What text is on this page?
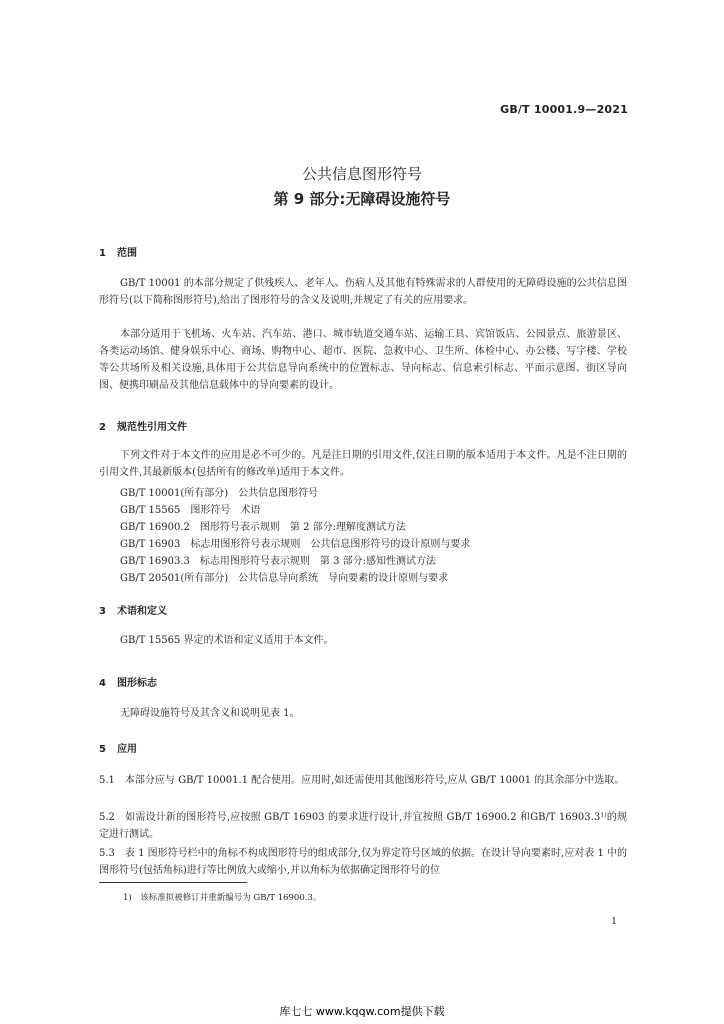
GB/T 10001.9—2021
公共信息图形符号
第 9 部分:无障碍设施符号
1 范围
GB/T 10001 的本部分规定了供残疾人、老年人、伤病人及其他有特殊需求的人群使用的无障碍设施的公共信息图形符号(以下简称图形符号),给出了图形符号的含义及说明,并规定了有关的应用要求。
本部分适用于飞机场、火车站、汽车站、港口、城市轨道交通车站、运输工具、宾馆饭店、公园景点、旅游景区、各类运动场馆、健身娱乐中心、商场、购物中心、超市、医院、急救中心、卫生所、体检中心、办公楼、写字楼、学校等公共场所及相关设施,具体用于公共信息导向系统中的位置标志、导向标志、信息索引标志、平面示意图、街区导向图、便携印刷品及其他信息载体中的导向要素的设计。
2 规范性引用文件
下列文件对于本文件的应用是必不可少的。凡是注日期的引用文件,仅注日期的版本适用于本文件。凡是不注日期的引用文件,其最新版本(包括所有的修改单)适用于本文件。
GB/T 10001(所有部分)　公共信息图形符号
GB/T 15565　图形符号　术语
GB/T 16900.2　图形符号表示规则　第 2 部分:理解度测试方法
GB/T 16903　标志用图形符号表示规则　公共信息图形符号的设计原则与要求
GB/T 16903.3　标志用图形符号表示规则　第 3 部分:感知性测试方法
GB/T 20501(所有部分)　公共信息导向系统　导向要素的设计原则与要求
3 术语和定义
GB/T 15565 界定的术语和定义适用于本文件。
4 图形标志
无障碍设施符号及其含义和说明见表 1。
5 应用
5.1　本部分应与 GB/T 10001.1 配合使用。应用时,如还需使用其他图形符号,应从 GB/T 10001 的其余部分中选取。
5.2　如需设计新的图形符号,应按照 GB/T 16903 的要求进行设计,并宜按照 GB/T 16900.2 和GB/T 16903.3¹⁾的规定进行测试。
5.3　表 1 图形符号栏中的角标不构成图形符号的组成部分,仅为界定符号区域的依据。在设计导向要素时,应对表 1 中的图形符号(包括角标)进行等比例放大或缩小,并以角标为依据确定图形符号的位
1)　该标准拟被修订并重新编号为 GB/T 16900.3。
1
库七七 www.kqqw.com提供下载
